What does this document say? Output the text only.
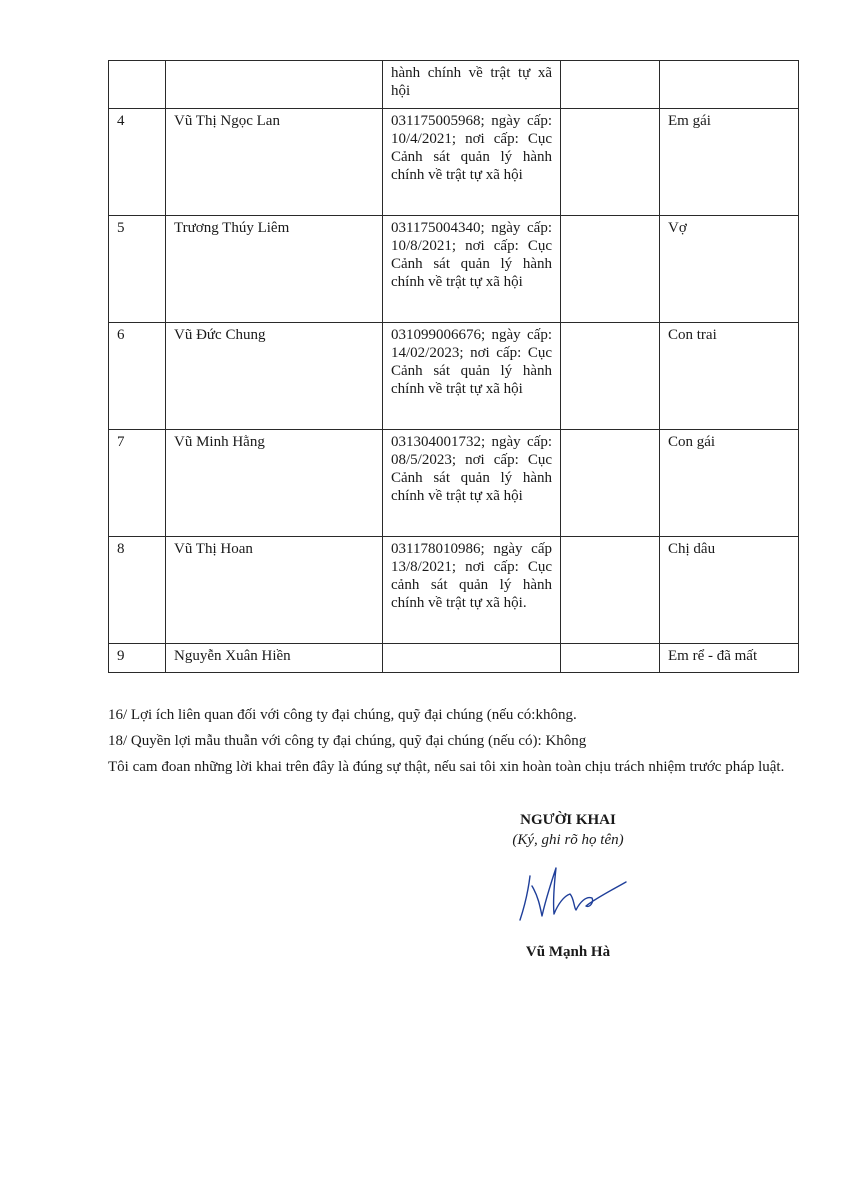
		hành chính về trật tự xã hội		
4	Vũ Thị Ngọc Lan	031175005968; ngày cấp: 10/4/2021; nơi cấp: Cục Cảnh sát quản lý hành chính về trật tự xã hội		Em gái
5	Trương Thúy Liêm	031175004340; ngày cấp: 10/8/2021; nơi cấp: Cục Cảnh sát quản lý hành chính về trật tự xã hội		Vợ
6	Vũ Đức Chung	031099006676; ngày cấp: 14/02/2023; nơi cấp: Cục Cảnh sát quản lý hành chính về trật tự xã hội		Con trai
7	Vũ Minh Hằng	031304001732; ngày cấp: 08/5/2023; nơi cấp: Cục Cảnh sát quản lý hành chính về trật tự xã hội		Con gái
8	Vũ Thị Hoan	031178010986; ngày cấp 13/8/2021; nơi cấp: Cục cảnh sát quản lý hành chính về trật tự xã hội.		Chị dâu
9	Nguyễn Xuân Hiền			Em rể - đã mất

16/ Lợi ích liên quan đối với công ty đại chúng, quỹ đại chúng (nếu có:không.

18/ Quyền lợi mẫu thuẫn với công ty đại chúng, quỹ đại chúng (nếu có): Không

Tôi cam đoan những lời khai trên đây là đúng sự thật, nếu sai tôi xin hoàn toàn chịu trách nhiệm trước pháp luật.

NGƯỜI KHAI
(Ký, ghi rõ họ tên)
Vũ Mạnh Hà
